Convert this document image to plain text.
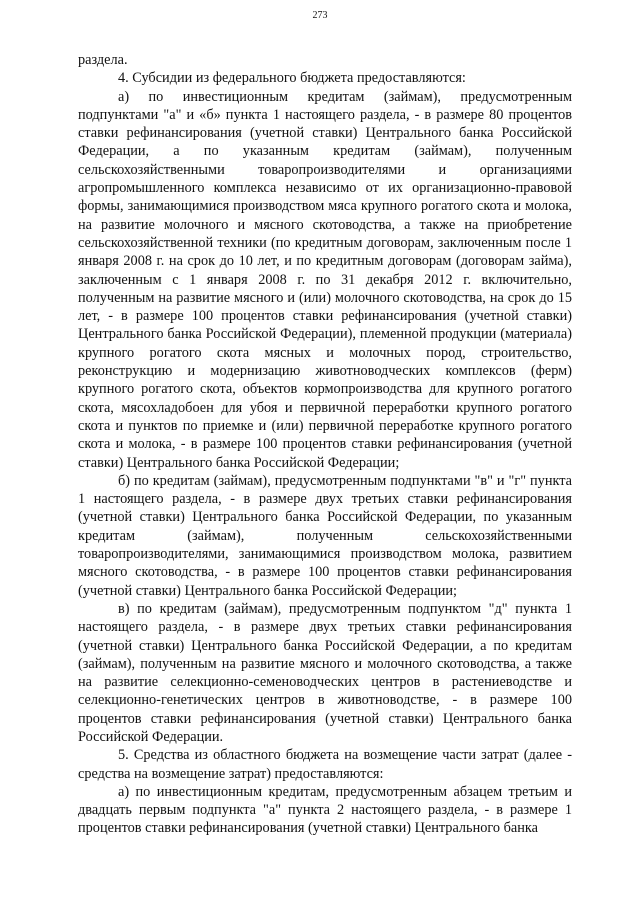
273

раздела.

4. Субсидии из федерального бюджета предоставляются:

а) по инвестиционным кредитам (займам), предусмотренным подпунктами "а" и «б» пункта 1 настоящего раздела, - в размере 80 процентов ставки рефинансирования (учетной ставки) Центрального банка Российской Федерации, а по указанным кредитам (займам), полученным сельскохозяйственными товаропроизводителями и организациями агропромышленного комплекса независимо от их организационно-правовой формы, занимающимися производством мяса крупного рогатого скота и молока, на развитие молочного и мясного скотоводства, а также на приобретение сельскохозяйственной техники (по кредитным договорам, заключенным после 1 января 2008 г. на срок до 10 лет, и по кредитным договорам (договорам займа), заключенным с 1 января 2008 г. по 31 декабря 2012 г. включительно, полученным на развитие мясного и (или) молочного скотоводства, на срок до 15 лет, - в размере 100 процентов ставки рефинансирования (учетной ставки) Центрального банка Российской Федерации), племенной продукции (материала) крупного рогатого скота мясных и молочных пород, строительство, реконструкцию и модернизацию животноводческих комплексов (ферм) крупного рогатого скота, объектов кормопроизводства для крупного рогатого скота, мясохладобоен для убоя и первичной переработки крупного рогатого скота и пунктов по приемке и (или) первичной переработке крупного рогатого скота и молока, - в размере 100 процентов ставки рефинансирования (учетной ставки) Центрального банка Российской Федерации;

б) по кредитам (займам), предусмотренным подпунктами "в" и "г" пункта 1 настоящего раздела, - в размере двух третьих ставки рефинансирования (учетной ставки) Центрального банка Российской Федерации, по указанным кредитам (займам), полученным сельскохозяйственными товаропроизводителями, занимающимися производством молока, развитием мясного скотоводства, - в размере 100 процентов ставки рефинансирования (учетной ставки) Центрального банка Российской Федерации;

в) по кредитам (займам), предусмотренным подпунктом "д" пункта 1 настоящего раздела, - в размере двух третьих ставки рефинансирования (учетной ставки) Центрального банка Российской Федерации, а по кредитам (займам), полученным на развитие мясного и молочного скотоводства, а также на развитие селекционно-семеноводческих центров в растениеводстве и селекционно-генетических центров в животноводстве, - в размере 100 процентов ставки рефинансирования (учетной ставки) Центрального банка Российской Федерации.

5. Средства из областного бюджета на возмещение части затрат (далее - средства на возмещение затрат) предоставляются:

а) по инвестиционным кредитам, предусмотренным абзацем третьим и двадцать первым подпункта "а" пункта 2 настоящего раздела, - в размере 1 процентов ставки рефинансирования (учетной ставки) Центрального банка
